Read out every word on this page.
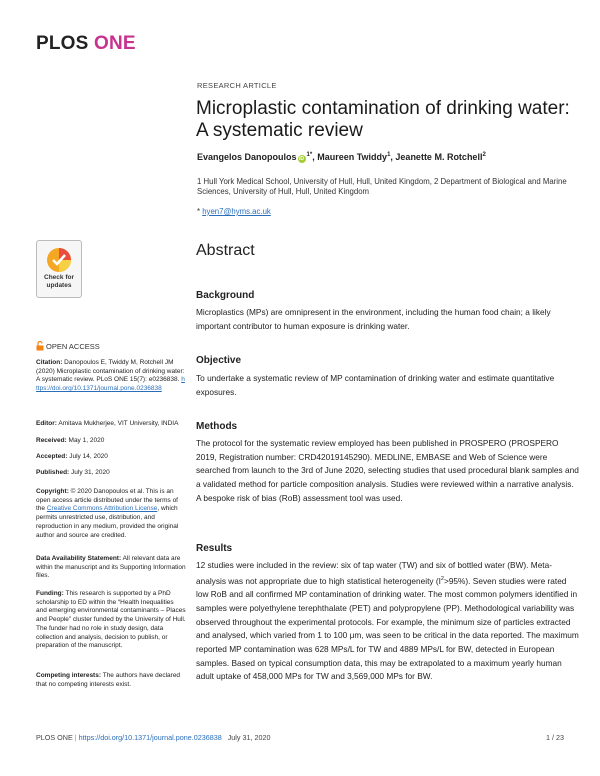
PLOS ONE
RESEARCH ARTICLE
Microplastic contamination of drinking water: A systematic review
Evangelos Danopoulos $iD^{1*}$, Maureen Twiddy$^1$, Jeanette M. Rotchell$^2$
1 Hull York Medical School, University of Hull, Hull, United Kingdom, 2 Department of Biological and Marine Sciences, University of Hull, Hull, United Kingdom
* hyen7@hyms.ac.uk
Check for
updates
OPEN ACCESS
Citation: Danopoulos E, Twiddy M, Rotchell JM (2020) Microplastic contamination of drinking water: A systematic review. PLoS ONE 15(7): e0236838. https://doi.org/10.1371/journal.pone.0236838
Editor: Amitava Mukherjee, VIT University, INDIA
Received: May 1, 2020
Accepted: July 14, 2020
Published: July 31, 2020
Copyright: © 2020 Danopoulos et al. This is an open access article distributed under the terms of the Creative Commons Attribution License, which permits unrestricted use, distribution, and reproduction in any medium, provided the original author and source are credited.
Data Availability Statement: All relevant data are within the manuscript and its Supporting Information files.
Funding: This research is supported by a PhD scholarship to ED within the “Health Inequalities and emerging environmental contaminants – Places and People” cluster funded by the University of Hull. The funder had no role in study design, data collection and analysis, decision to publish, or preparation of the manuscript.
Competing interests: The authors have declared that no competing interests exist.
Abstract
Background
Microplastics (MPs) are omnipresent in the environment, including the human food chain; a likely important contributor to human exposure is drinking water.
Objective
To undertake a systematic review of MP contamination of drinking water and estimate quantitative exposures.
Methods
The protocol for the systematic review employed has been published in PROSPERO (PROSPERO 2019, Registration number: CRD42019145290). MEDLINE, EMBASE and Web of Science were searched from launch to the 3rd of June 2020, selecting studies that used procedural blank samples and a validated method for particle composition analysis. Studies were reviewed within a narrative analysis. A bespoke risk of bias (RoB) assessment tool was used.
Results
12 studies were included in the review: six of tap water (TW) and six of bottled water (BW). Meta-analysis was not appropriate due to high statistical heterogeneity $(I^2>95\%)$. Seven studies were rated low RoB and all confirmed MP contamination of drinking water. The most common polymers identified in samples were polyethylene terephthalate (PET) and polypropylene (PP). Methodological variability was observed throughout the experimental protocols. For example, the minimum size of particles extracted and analysed, which varied from 1 to 100 μm, was seen to be critical in the data reported. The maximum reported MP contamination was 628 MPs/L for TW and 4889 MPs/L for BW, detected in European samples. Based on typical consumption data, this may be extrapolated to a maximum yearly human adult uptake of 458,000 MPs for TW and 3,569,000 MPs for BW.
PLOS ONE | https://doi.org/10.1371/journal.pone.0236838 July 31, 2020	1 / 23
